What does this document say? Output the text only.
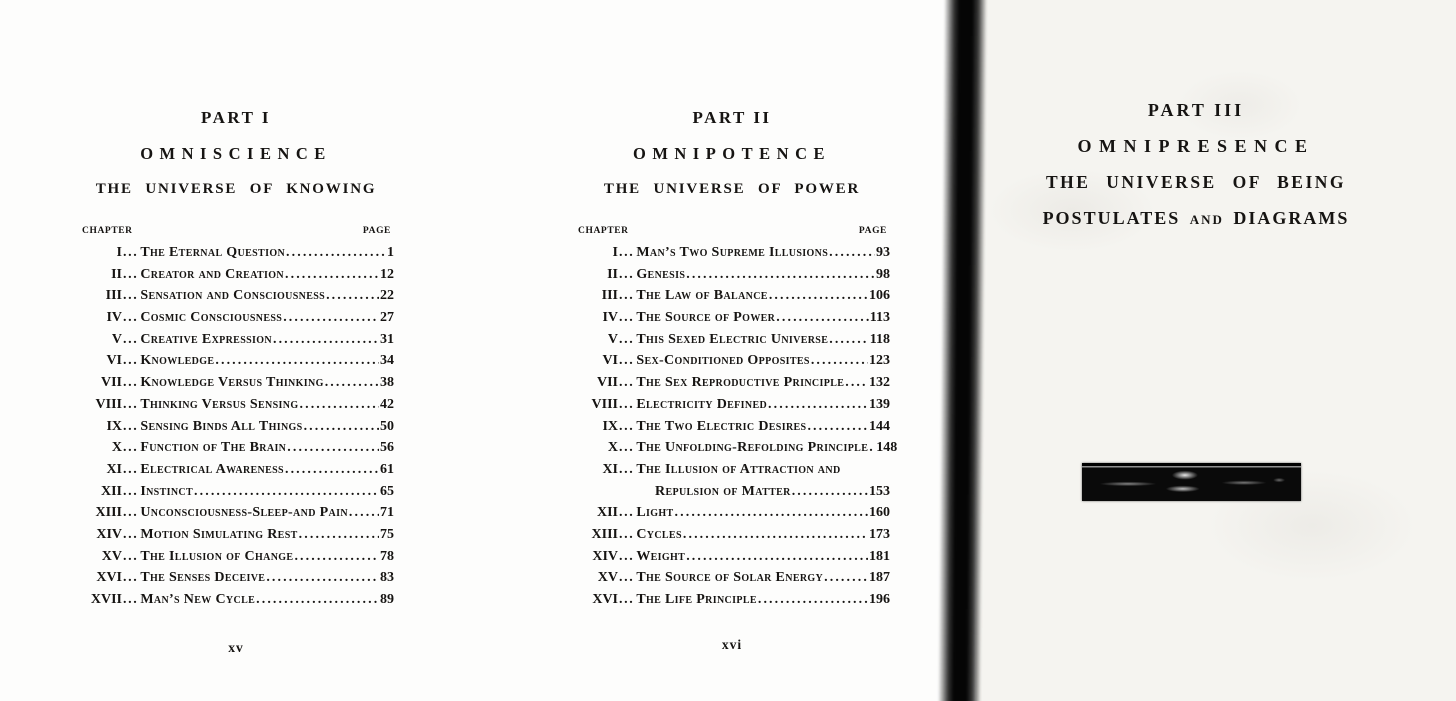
PART I
OMNISCIENCE
THE UNIVERSE OF KNOWING
CHAPTER	PAGE
I ... The Eternal Question .....	1
II ... Creator and Creation .....	12
III ... Sensation and Consciousness .....	22
IV ... Cosmic Consciousness .....	27
V ... Creative Expression .....	31
VI ... Knowledge .....	34
VII ... Knowledge Versus Thinking .....	38
VIII ... Thinking Versus Sensing .....	42
IX ... Sensing Binds All Things .....	50
X ... Function of The Brain .....	56
XI ... Electrical Awareness .....	61
XII ... Instinct .....	65
XIII ... Unconsciousness-Sleep-and Pain ..... 71
XIV ... Motion Simulating Rest .....	75
XV ... The Illusion of Change .....	78
XVI ... The Senses Deceive .....	83
XVII ... Man’s New Cycle .....	89
xv
PART II
OMNIPOTENCE
THE UNIVERSE OF POWER
CHAPTER	PAGE
I ... Man’s Two Supreme Illusions .....	93
II ... Genesis .....	98
III ... The Law of Balance .....	106
IV ... The Source of Power .....	113
V ... This Sexed Electric Universe .....	118
VI ... Sex-Conditioned Opposites .....	123
VII ... The Sex Reproductive Principle ..... 132
VIII ... Electricity Defined .....	139
IX ... The Two Electric Desires .....	144
X ... The Unfolding-Refolding Principle ..... 148
XI ... The Illusion of Attraction and
Repulsion of Matter .....	153
XII ... Light .....	160
XIII ... Cycles .....	173
XIV ... Weight .....	181
XV ... The Source of Solar Energy .....	187
XVI ... The Life Principle .....	196
xvi
PART III
OMNIPRESENCE
THE UNIVERSE OF BEING
POSTULATES and DIAGRAMS
